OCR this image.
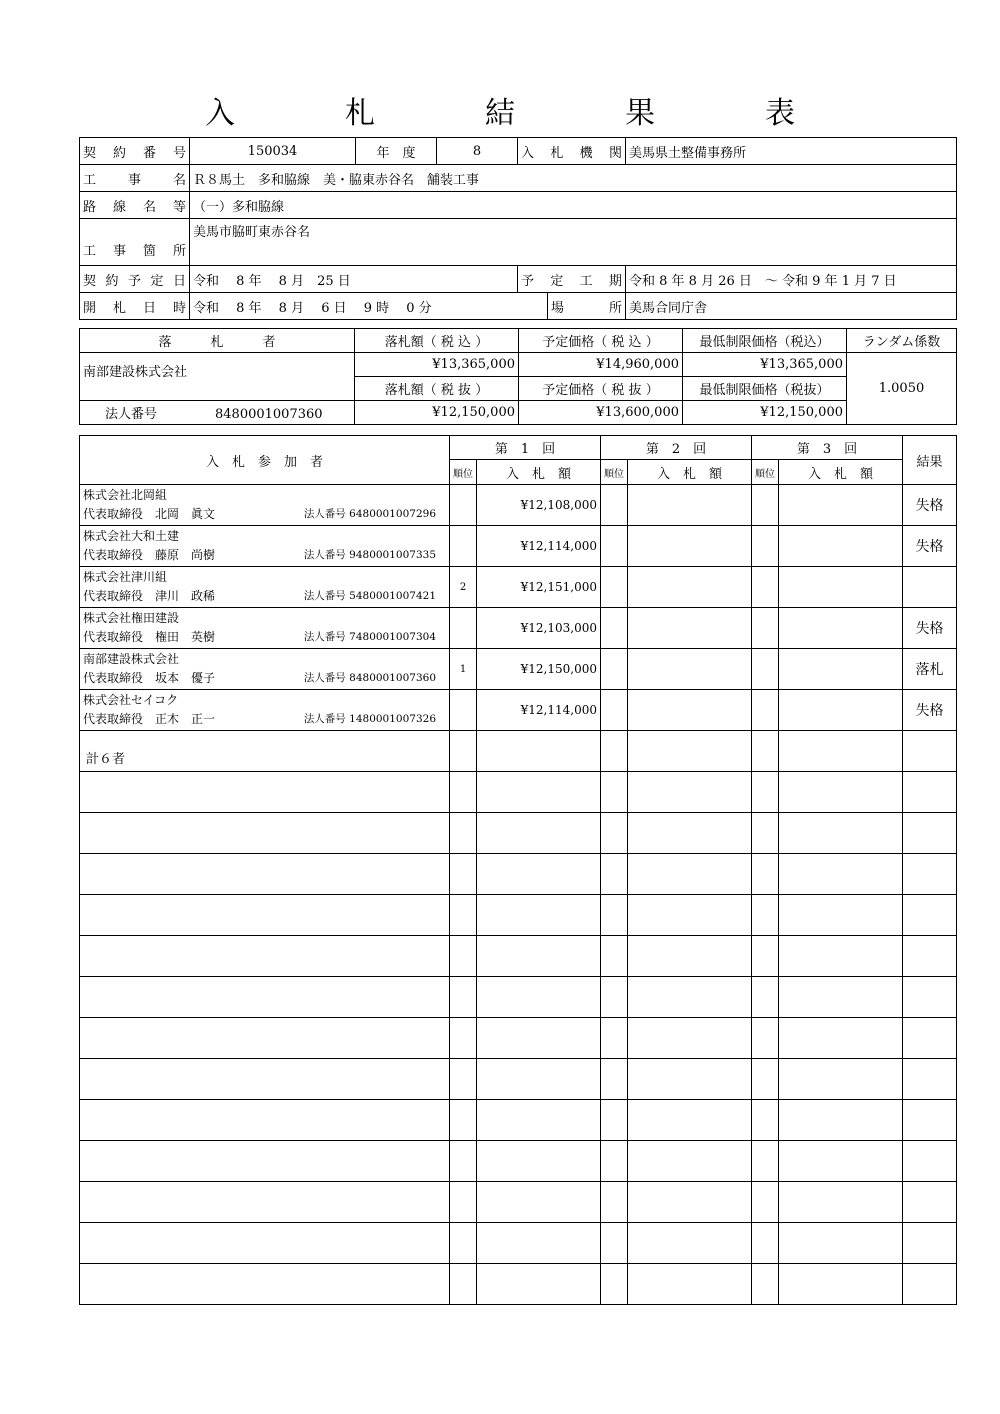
入　札　結　果　表
契　約　番　号	150034	年　度	8	入　札　機　関		美馬県土整備事務所
工　　事　　名	Ｒ８馬土　多和脇線　美・脇東赤谷名　舗装工事					
路　線　名　等	（一）多和脇線					
工　事　箇　所	美馬市脇町東赤谷名					
契約予定日	令和　 8 年　 8 月　25 日			予　定　工　期		令和 8 年 8 月 26 日　～ 令和 9 年 1 月 7 日
開　札　日　時	令和　 8 年　 8 月　 6 日　 9 時　 0 分				場　　所	美馬合同庁舎
落　　　札　　　者	落札額（ 税 込 ）	予定価格（ 税 込 ）	最低制限価格（税込）	ランダム係数
南部建設株式会社	¥13,365,000	¥14,960,000	¥13,365,000	1.0050
	落札額（ 税 抜 ）	予定価格（ 税 抜 ）	最低制限価格（税抜）	
法人番号 8480001007360	¥12,150,000	¥13,600,000	¥12,150,000	
入　札　参　加　者	第　1　回		第　2　回		第　3　回		結果
	順位	入　札　額	順位	入　札　額	順位	入　札　額	

株式会社北岡組
代表取締役　北岡　眞文 法人番号 6480001007296		¥12,108,000					失格

株式会社大和土建
代表取締役　藤原　尚樹 法人番号 9480001007335		¥12,114,000					失格

株式会社津川組
代表取締役　津川　政稀 法人番号 5480001007421	2	¥12,151,000					

株式会社権田建設
代表取締役　権田　英樹 法人番号 7480001007304		¥12,103,000					失格

南部建設株式会社
代表取締役　坂本　優子 法人番号 8480001007360	1	¥12,150,000					落札

株式会社セイコク
代表取締役　正木　正一 法人番号 1480001007326		¥12,114,000					失格
計６者							
